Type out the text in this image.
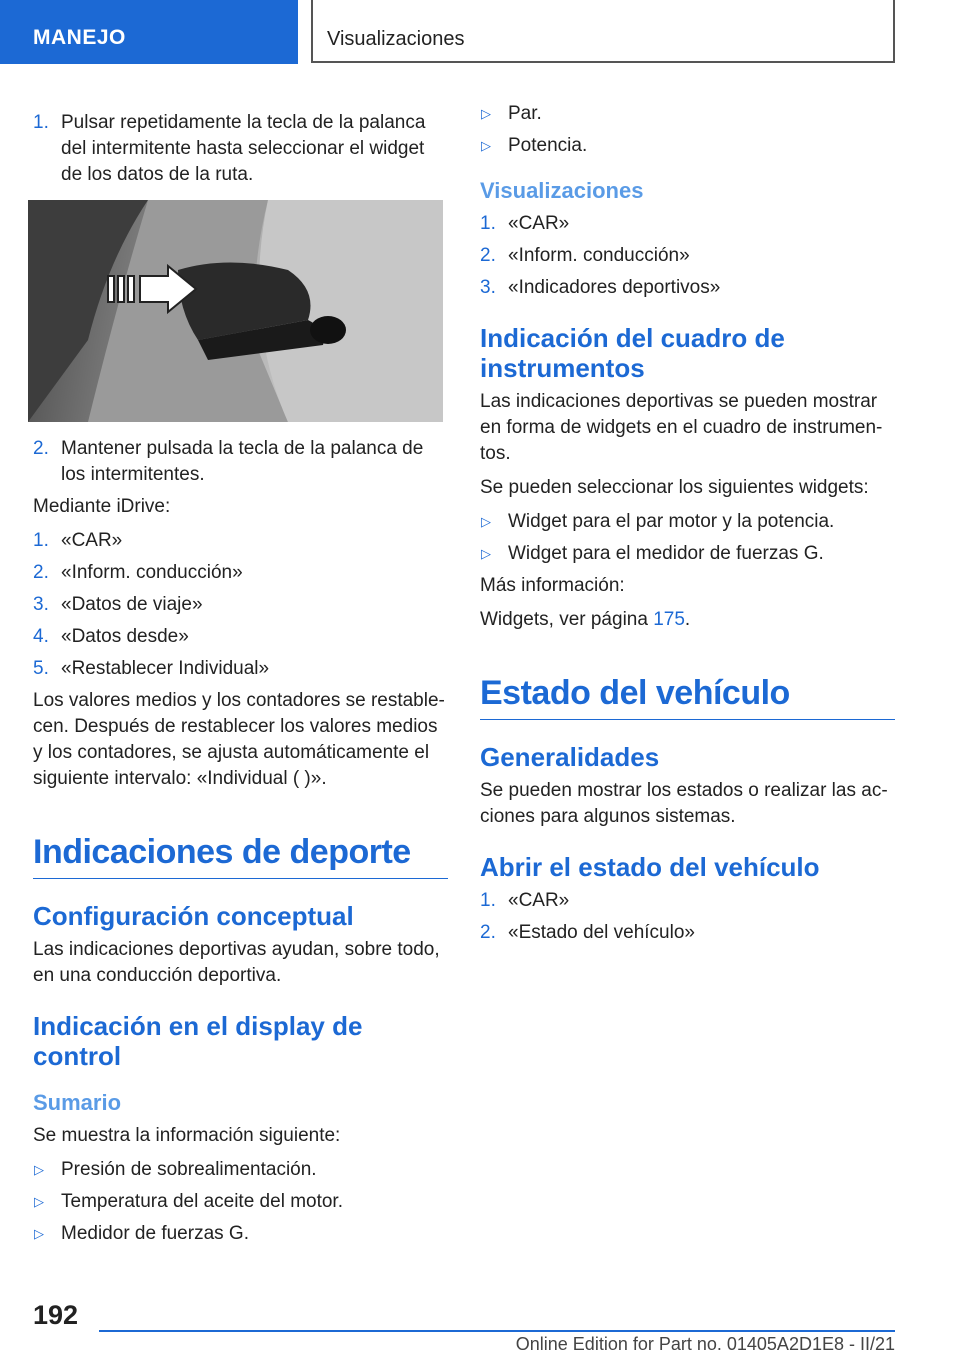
MANEJO	Visualizaciones
1. Pulsar repetidamente la tecla de la palanca del intermitente hasta seleccionar el widget de los datos de la ruta.
2. Mantener pulsada la tecla de la palanca de los intermitentes.

Mediante iDrive:

1. «CAR»
2. «Inform. conducción»
3. «Datos de viaje»
4. «Datos desde»
5. «Restablecer Individual»

Los valores medios y los contadores se restable-cen. Después de restablecer los valores medios y los contadores, se ajusta automáticamente el siguiente intervalo: «Individual ( )».

Indicaciones de deporte
Configuración conceptual

Las indicaciones deportivas ayudan, sobre todo, en una conducción deportiva.

Indicación en el display de control
Sumario

Se muestra la información siguiente:

▷ Presión de sobrealimentación.
▷ Temperatura del aceite del motor.
▷ Medidor de fuerzas G.
▷ Par.
▷ Potencia.
Visualizaciones
1. «CAR»
2. «Inform. conducción»
3. «Indicadores deportivos»
Indicación del cuadro de instrumentos

Las indicaciones deportivas se pueden mostrar en forma de widgets en el cuadro de instrumen-tos.

Se pueden seleccionar los siguientes widgets:

▷ Widget para el par motor y la potencia.
▷ Widget para el medidor de fuerzas G.

Más información:

Widgets, ver página 175.

Estado del vehículo
Generalidades

Se pueden mostrar los estados o realizar las ac-ciones para algunos sistemas.

Abrir el estado del vehículo
1. «CAR»
2. «Estado del vehículo»
192
Online Edition for Part no. 01405A2D1E8 - II/21
